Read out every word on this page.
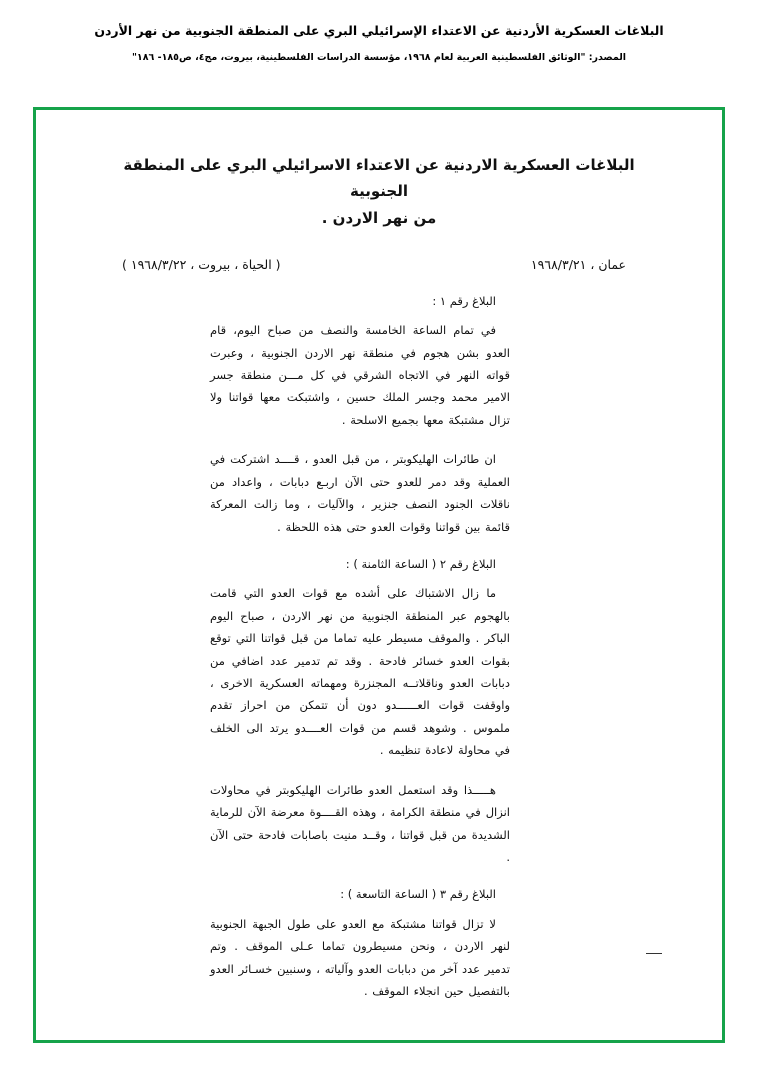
البلاغات العسكرية الأردنية عن الاعتداء الإسرائيلي البري على المنطقة الجنوبية من نهر الأردن
المصدر: "الوثائق الفلسطينية العربية لعام ١٩٦٨، مؤسسة الدراسات الفلسطينية، بيروت، مج٤، ص١٨٥- ١٨٦"
البلاغات العسكرية الاردنية عن الاعتداء الاسرائيلي البري على المنطقة الجنوبية
من نهر الاردن .
عمان ، ١٩٦٨/٣/٢١
( الحياة ، بيروت ، ١٩٦٨/٣/٢٢ )

البلاغ رقم ١ :

في تمام الساعة الخامسة والنصف من صباح اليوم، قام العدو بشن هجوم في منطقة نهر الاردن الجنوبية ، وعبرت قواته النهر في الاتجاه الشرقي في كل مـــن منطقة جسر الامير محمد وجسر الملك حسين ، واشتبكت معها قواتنا ولا تزال مشتبكة معها بجميع الاسلحة .

ان طائرات الهليكوبتر ، من قبل العدو ، قــــد اشتركت في العملية وقد دمر للعدو حتى الآن اربـع دبابات ، واعداد من ناقلات الجنود النصف جنزير ، والآليات ، وما زالت المعركة قائمة بين قواتنا وقوات العدو حتى هذه اللحظة .

البلاغ رقم ٢ ( الساعة الثامنة ) :

ما زال الاشتباك على أشده مع قوات العدو التي قامت بالهجوم عبر المنطقة الجنوبية من نهر الاردن ، صباح اليوم الباكر . والموقف مسيطر عليه تماما من قبل قواتنا التي توقع بقوات العدو خسائر فادحة . وقد تم تدمير عدد اضافي من دبابات العدو وناقلاتــه المجنزرة ومهماته العسكرية الاخرى ، واوقفت قوات العــــــدو دون أن تتمكن من احراز تقدم ملموس . وشوهد قسم من قوات العــــدو يرتد الى الخلف في محاولة لاعادة تنظيمه .

هـــــذا وقد استعمل العدو طائرات الهليكوبتر في محاولات انزال في منطقة الكرامة ، وهذه القــــوة معرضة الآن للرماية الشديدة من قبل قواتنا ، وقــد منيت باصابات فادحة حتى الآن .

البلاغ رقم ٣ ( الساعة التاسعة ) :

لا تزال قواتنا مشتبكة مع العدو على طول الجبهة الجنوبية لنهر الاردن ، ونحن مسيطرون تماما عـلى الموقف . وتم تدمير عدد آخر من دبابات العدو وآلياته ، وسنبين خسـائر العدو بالتفصيل حين انجلاء الموقف .
